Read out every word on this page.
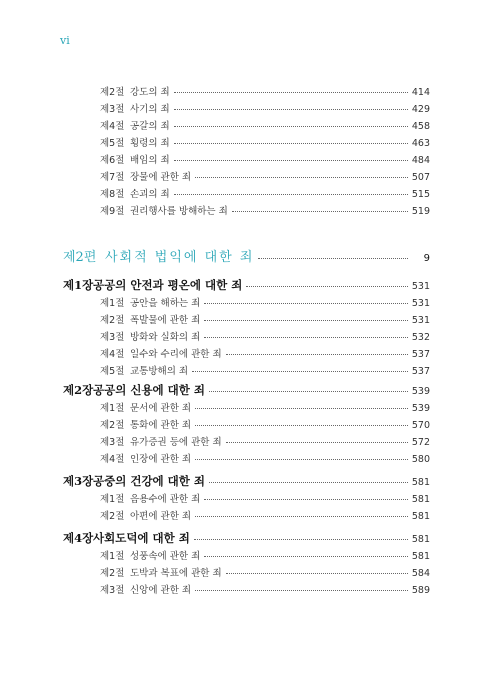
vi
제2절 강도의 죄	414
제3절 사기의 죄	429
제4절 공갈의 죄	458
제5절 횡령의 죄	463
제6절 배임의 죄	484
제7절 장물에 관한 죄	507
제8절 손괴의 죄	515
제9절 권리행사를 방해하는 죄	519
제2편 사회적 법익에 대한 죄	9
제1장 공공의 안전과 평온에 대한 죄	531
제1절 공안을 해하는 죄	531
제2절 폭발물에 관한 죄	531
제3절 방화와 실화의 죄	532
제4절 일수와 수리에 관한 죄	537
제5절 교통방해의 죄	537
제2장 공공의 신용에 대한 죄	539
제1절 문서에 관한 죄	539
제2절 통화에 관한 죄	570
제3절 유가증권 등에 관한 죄	572
제4절 인장에 관한 죄	580
제3장 공중의 건강에 대한 죄	581
제1절 음용수에 관한 죄	581
제2절 아편에 관한 죄	581
제4장 사회도덕에 대한 죄	581
제1절 성풍속에 관한 죄	581
제2절 도박과 복표에 관한 죄	584
제3절 신앙에 관한 죄	589
